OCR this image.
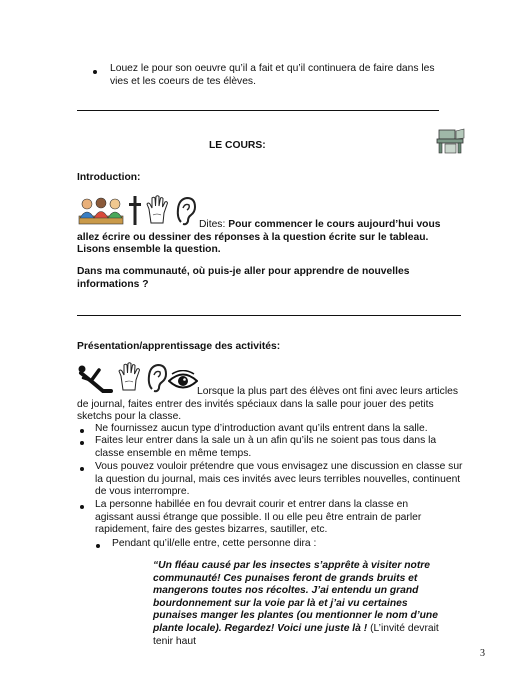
Louez le pour son oeuvre qu’il a fait et qu’il continuera de faire dans les vies et les coeurs de tes élèves.
LE COURS:
Introduction:
Dites: Pour commencer le cours aujourd’hui vous allez écrire ou dessiner des réponses à la question écrite sur le tableau. Lisons ensemble la question.
Dans ma communauté, où puis-je aller pour apprendre de nouvelles informations ?
Présentation/apprentissage des activités:
Lorsque la plus part des élèves ont fini avec leurs articles de journal, faites entrer des invités spéciaux dans la salle pour jouer des petits sketchs pour la classe.
Ne fournissez aucun type d’introduction avant qu’ils entrent dans la salle.
Faites leur entrer dans la sale un à un afin qu’ils ne soient pas tous dans la classe ensemble en même temps.
Vous pouvez vouloir prétendre que vous envisagez une discussion en classe sur la question du journal, mais ces invités avec leurs terribles nouvelles, continuent de vous interrompre.
La personne habillée en fou devrait courir et entrer dans la classe en agissant aussi étrange que possible. Il ou elle peu être entrain de parler rapidement, faire des gestes bizarres, sautiller, etc.
Pendant qu’il/elle entre, cette personne dira :
“Un fléau causé par les insectes s’apprête à visiter notre communauté! Ces punaises feront de grands bruits et mangerons toutes nos récoltes. J’ai entendu un grand bourdonnement sur la voie par là et j’ai vu certaines punaises manger les plantes (ou mentionner le nom d’une plante locale). Regardez! Voici une juste là ! (L’invité devrait tenir haut
3
